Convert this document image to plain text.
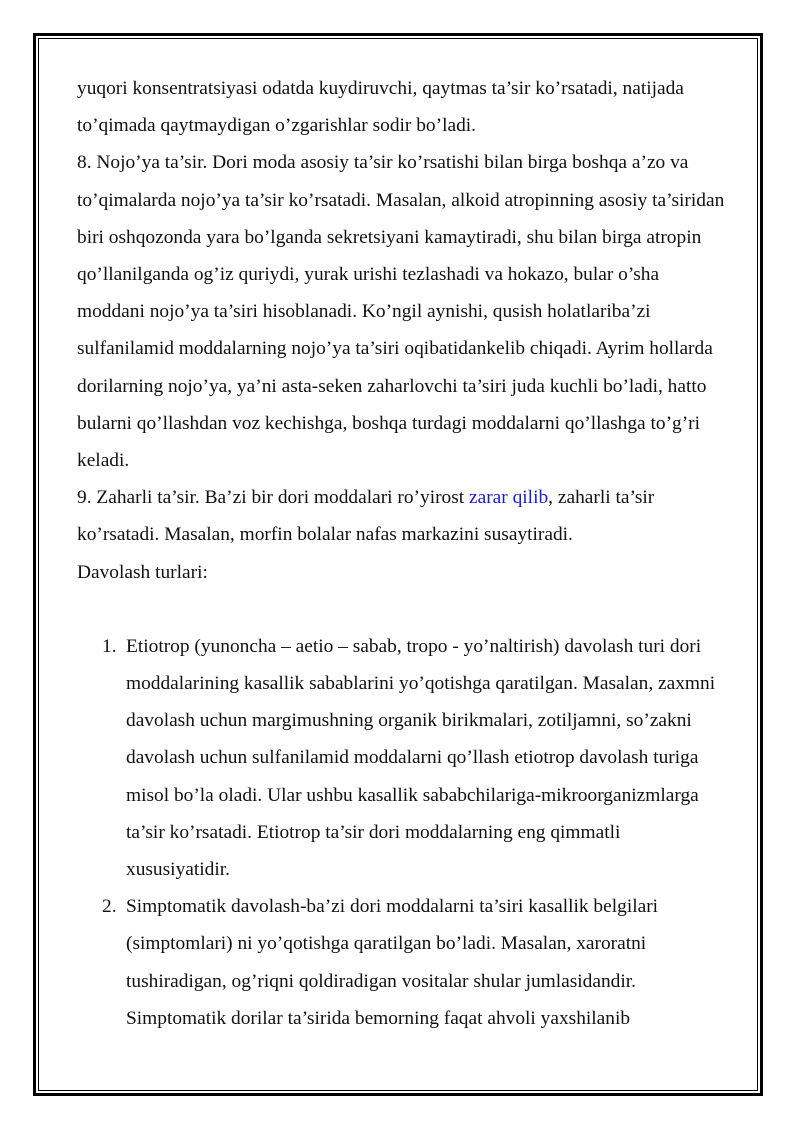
yuqori konsentratsiyasi odatda kuydiruvchi, qaytmas ta’sir ko’rsatadi, natijada to’qimada qaytmaydigan o’zgarishlar sodir bo’ladi.

8. Nojo’ya ta’sir. Dori moda asosiy ta’sir ko’rsatishi bilan birga boshqa a’zo va to’qimalarda nojo’ya ta’sir ko’rsatadi. Masalan, alkoid atropinning asosiy ta’siridan biri oshqozonda yara bo’lganda sekretsiyani kamaytiradi, shu bilan birga atropin qo’llanilganda og’iz quriydi, yurak urishi tezlashadi va hokazo, bular o’sha moddani nojo’ya ta’siri hisoblanadi. Ko’ngil aynishi, qusish holatlariba’zi sulfanilamid moddalarning nojo’ya ta’siri oqibatidankelib chiqadi. Ayrim hollarda dorilarning nojo’ya, ya’ni asta-seken zaharlovchi ta’siri juda kuchli bo’ladi, hatto bularni qo’llashdan voz kechishga, boshqa turdagi moddalarni qo’llashga to’g’ri keladi.

9. Zaharli ta’sir. Ba’zi bir dori moddalari ro’yirost zarar qilib, zaharli ta’sir ko’rsatadi. Masalan, morfin bolalar nafas markazini susaytiradi.

Davolash turlari:

1. Etiotrop (yunoncha – aetio – sabab, tropo - yo’naltirish) davolash turi dori moddalarining kasallik sabablarini yo’qotishga qaratilgan. Masalan, zaxmni davolash uchun margimushning organik birikmalari, zotiljamni, so’zakni davolash uchun sulfanilamid moddalarni qo’llash etiotrop davolash turiga misol bo’la oladi. Ular ushbu kasallik sababchilariga-mikroorganizmlarga ta’sir ko’rsatadi. Etiotrop ta’sir dori moddalarning eng qimmatli xususiyatidir.
2. Simptomatik davolash-ba’zi dori moddalarni ta’siri kasallik belgilari (simptomlari) ni yo’qotishga qaratilgan bo’ladi. Masalan, xaroratni tushiradigan, og’riqni qoldiradigan vositalar shular jumlasidandir. Simptomatik dorilar ta’sirida bemorning faqat ahvoli yaxshilanib
